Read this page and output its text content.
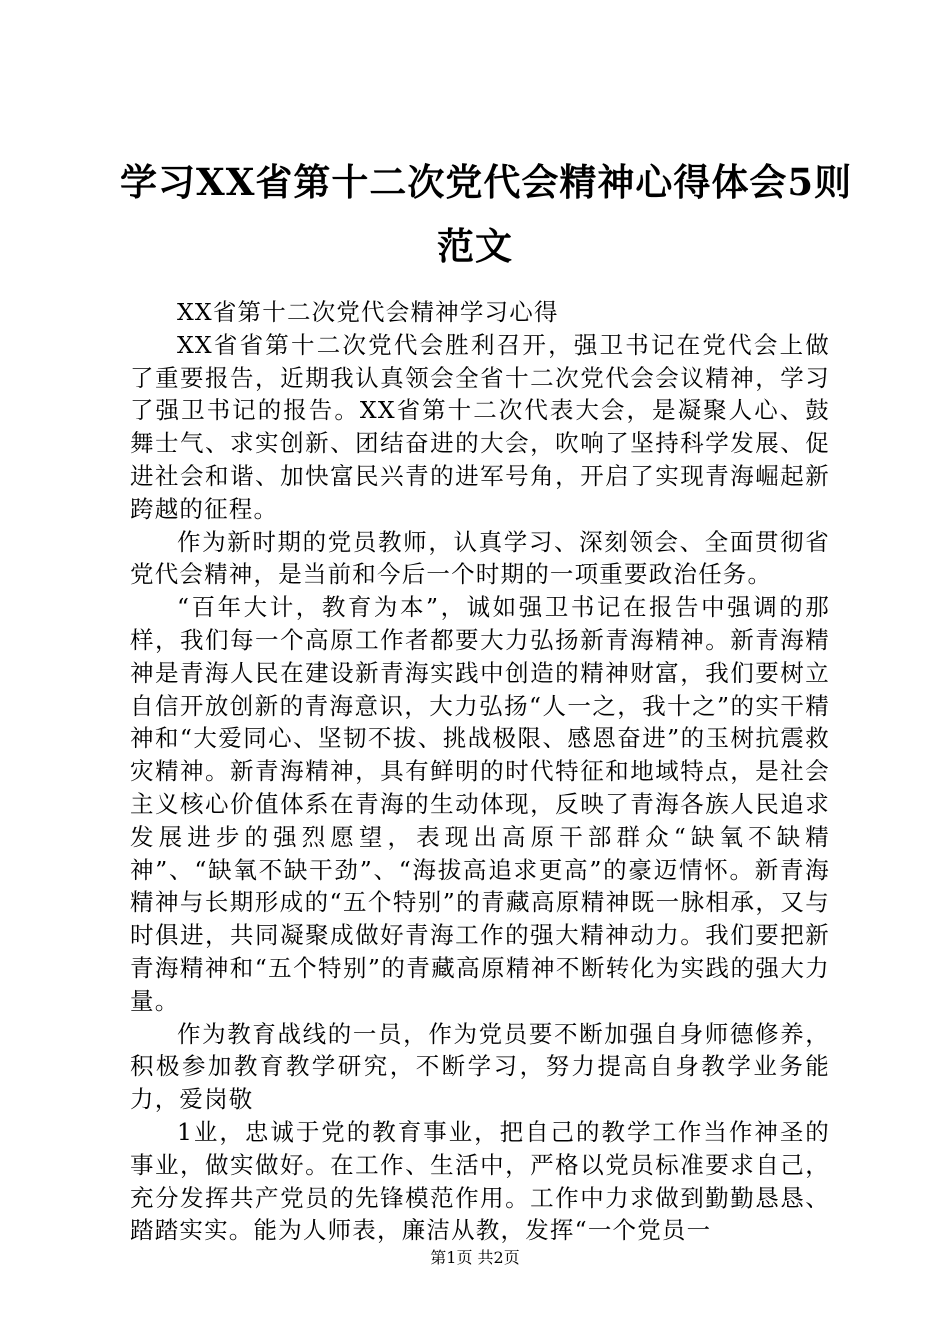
学习XX省第十二次党代会精神心得体会5则
范文

XX省第十二次党代会精神学习心得

XX省省第十二次党代会胜利召开，强卫书记在党代会上做了重要报告，近期我认真领会全省十二次党代会会议精神，学习了强卫书记的报告。XX省第十二次代表大会，是凝聚人心、鼓舞士气、求实创新、团结奋进的大会，吹响了坚持科学发展、促进社会和谐、加快富民兴青的进军号角，开启了实现青海崛起新跨越的征程。

作为新时期的党员教师，认真学习、深刻领会、全面贯彻省党代会精神，是当前和今后一个时期的一项重要政治任务。

“百年大计，教育为本”，诚如强卫书记在报告中强调的那样，我们每一个高原工作者都要大力弘扬新青海精神。新青海精神是青海人民在建设新青海实践中创造的精神财富，我们要树立自信开放创新的青海意识，大力弘扬“人一之，我十之”的实干精神和“大爱同心、坚韧不拔、挑战极限、感恩奋进”的玉树抗震救灾精神。新青海精神，具有鲜明的时代特征和地域特点，是社会主义核心价值体系在青海的生动体现，反映了青海各族人民追求发展进步的强烈愿望，表现出高原干部群众“缺氧不缺精神”、“缺氧不缺干劲”、“海拔高追求更高”的豪迈情怀。新青海精神与长期形成的“五个特别”的青藏高原精神既一脉相承，又与时俱进，共同凝聚成做好青海工作的强大精神动力。我们要把新青海精神和“五个特别”的青藏高原精神不断转化为实践的强大力量。

作为教育战线的一员，作为党员要不断加强自身师德修养，积极参加教育教学研究，不断学习，努力提高自身教学业务能力，爱岗敬

1业，忠诚于党的教育事业，把自己的教学工作当作神圣的事业，做实做好。在工作、生活中，严格以党员标准要求自己，充分发挥共产党员的先锋模范作用。工作中力求做到勤勤恳恳、踏踏实实。能为人师表，廉洁从教，发挥“一个党员一

第1页 共2页
